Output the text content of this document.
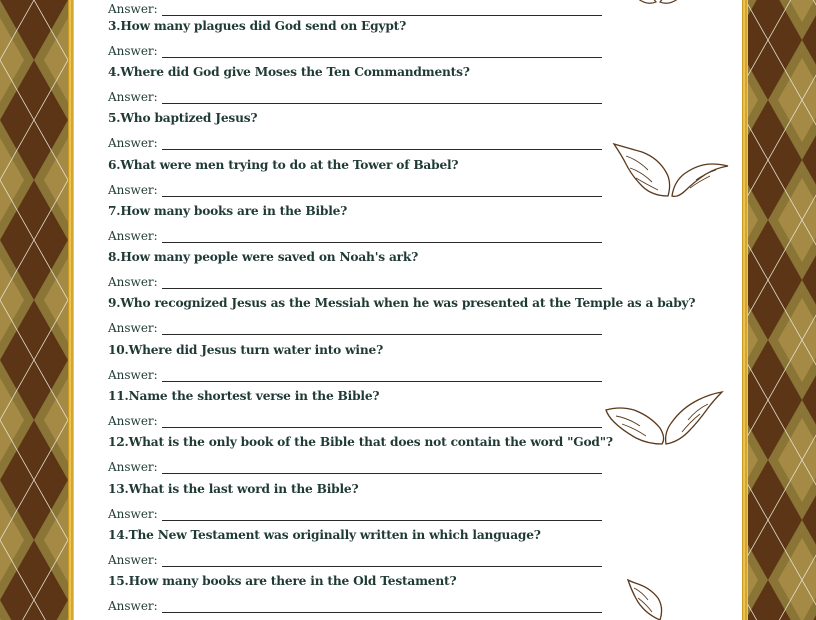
Answer:
3.How many plagues did God send on Egypt?
Answer:
4.Where did God give Moses the Ten Commandments?
Answer:
5.Who baptized Jesus?
Answer:
6.What were men trying to do at the Tower of Babel?
Answer:
7.How many books are in the Bible?
Answer:
8.How many people were saved on Noah's ark?
Answer:
9.Who recognized Jesus as the Messiah when he was presented at the Temple as a baby?
Answer:
10.Where did Jesus turn water into wine?
Answer:
11.Name the shortest verse in the Bible?
Answer:
12.What is the only book of the Bible that does not contain the word "God"?
Answer:
13.What is the last word in the Bible?
Answer:
14.The New Testament was originally written in which language?
Answer:
15.How many books are there in the Old Testament?
Answer:
